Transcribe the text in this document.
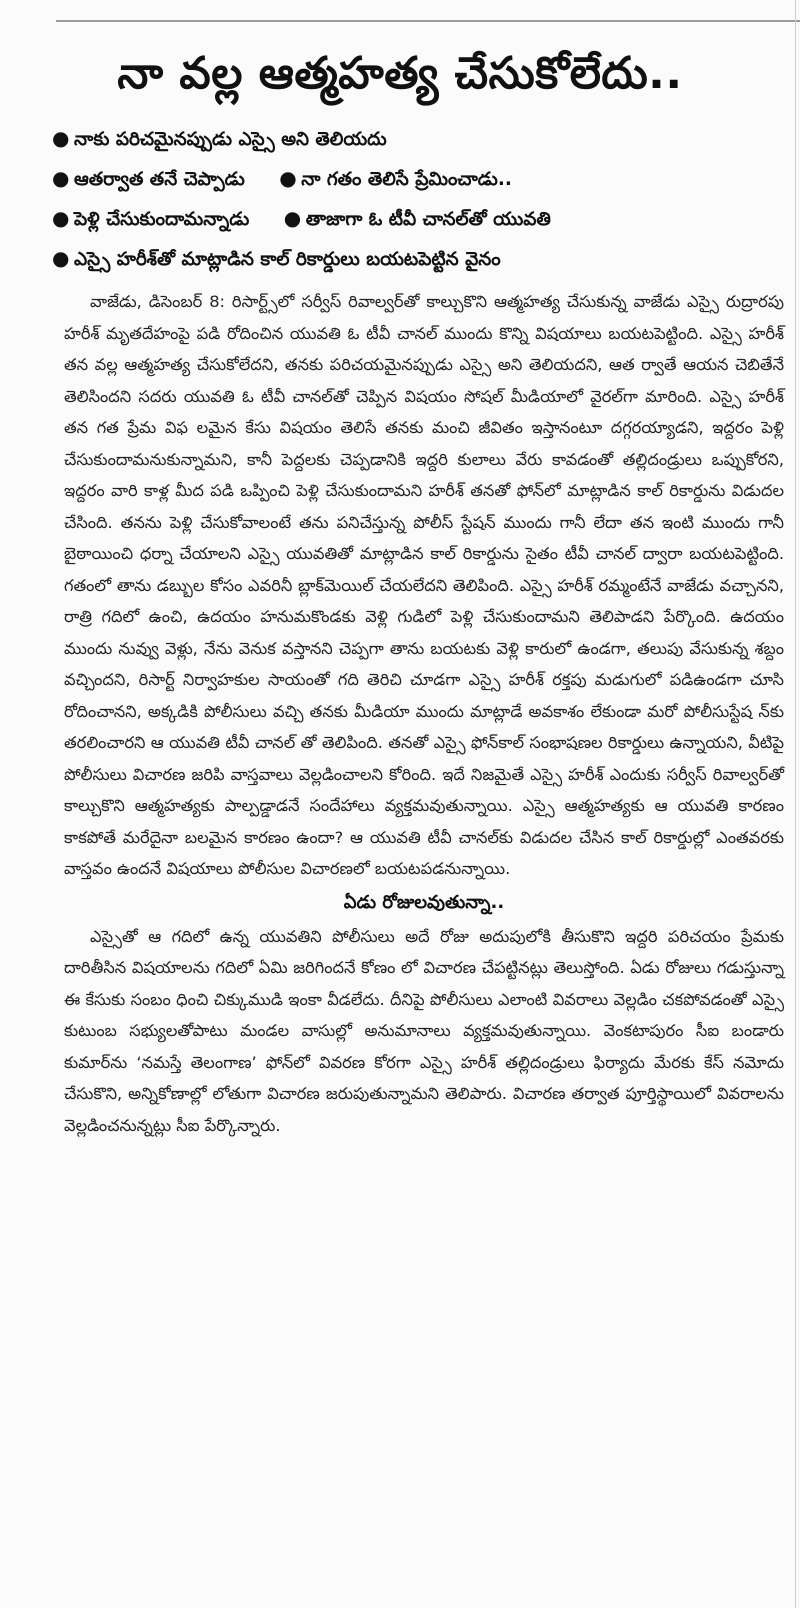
నా వల్ల ఆత్మహత్య చేసుకోలేదు..
● నాకు పరిచమైనప్పుడు ఎస్సై అని తెలియదు
● ఆతర్వాత తనే చెప్పాడు ● నా గతం తెలిసే ప్రేమించాడు..
● పెళ్లి చేసుకుందామన్నాడు ● తాజాగా ఓ టీవీ చానల్‌తో యువతి
● ఎస్సై హరీశ్‌తో మాట్లాడిన కాల్ రికార్డులు బయటపెట్టిన వైనం

వాజేడు, డిసెంబర్ 8: రిసార్ట్స్‌లో సర్వీస్ రివాల్వర్‌తో కాల్చుకొని ఆత్మహత్య చేసుకున్న వాజేడు ఎస్సై రుద్రారపు హరీశ్ మృతదేహంపై పడి రోదించిన యువతి ఓ టీవీ చానల్ ముందు కొన్ని విషయాలు బయటపెట్టింది. ఎస్సై హరీశ్ తన వల్ల ఆత్మహత్య చేసుకోలేదని, తనకు పరిచయమైనప్పుడు ఎస్సై అని తెలియదని, ఆత ర్వాతే ఆయన చెబితేనే తెలిసిందని సదరు యువతి ఓ టీవీ చానల్‌తో చెప్పిన విషయం సోషల్ మీడియాలో వైరల్‌గా మారింది. ఎస్సై హరీశ్ తన గత ప్రేమ విఫ లమైన కేసు విషయం తెలిసే తనకు మంచి జీవితం ఇస్తానంటూ దగ్గరయ్యాడని, ఇద్దరం పెళ్లి చేసుకుందామనుకున్నామని, కానీ పెద్దలకు చెప్పడానికి ఇద్దరి కులాలు వేరు కావడంతో తల్లిదండ్రులు ఒప్పుకోరని, ఇద్దరం వారి కాళ్ల మీద పడి ఒప్పించి పెళ్లి చేసుకుందామని హరీశ్ తనతో ఫోన్‌లో మాట్లాడిన కాల్ రికార్డును విడుదల చేసింది. తనను పెళ్లి చేసుకోవాలంటే తను పనిచేస్తున్న పోలీస్ స్టేషన్ ముందు గానీ లేదా తన ఇంటి ముందు గానీ బైఠాయించి ధర్నా చేయాలని ఎస్సై యువతితో మాట్లాడిన కాల్ రికార్డును సైతం టీవీ చానల్ ద్వారా బయటపెట్టింది. గతంలో తాను డబ్బుల కోసం ఎవరినీ బ్లాక్‌మెయిల్ చేయలేదని తెలిపింది. ఎస్సై హరీశ్ రమ్మంటేనే వాజేడు వచ్చానని, రాత్రి గదిలో ఉంచి, ఉదయం హనుమకొండకు వెళ్లి గుడిలో పెళ్లి చేసుకుందామని తెలిపాడని పేర్కొంది. ఉదయం ముందు నువ్వు వెళ్లు, నేను వెనుక వస్తానని చెప్పగా తాను బయటకు వెళ్లి కారులో ఉండగా, తలుపు వేసుకున్న శబ్దం వచ్చిందని, రిసార్ట్ నిర్వాహకుల సాయంతో గది తెరిచి చూడగా ఎస్సై హరీశ్ రక్తపు మడుగులో పడిఉండగా చూసి రోదించానని, అక్కడికి పోలీసులు వచ్చి తనకు మీడియా ముందు మాట్లాడే అవకాశం లేకుండా మరో పోలీసుస్టేష న్‌కు తరలించారని ఆ యువతి టీవీ చానల్ తో తెలిపింది. తనతో ఎస్సై ఫోన్‌కాల్ సంభాషణల రికార్డులు ఉన్నాయని, వీటిపై పోలీసులు విచారణ జరిపి వాస్తవాలు వెల్లడించాలని కోరింది. ఇదే నిజమైతే ఎస్సై హరీశ్ ఎందుకు సర్వీస్ రివాల్వర్‌తో కాల్చుకొని ఆత్మహత్యకు పాల్పడ్డాడనే సందేహాలు వ్యక్తమవుతున్నాయి. ఎస్సై ఆత్మహత్యకు ఆ యువతి కారణం కాకపోతే మరేదైనా బలమైన కారణం ఉందా? ఆ యువతి టీవీ చానల్‌కు విడుదల చేసిన కాల్ రికార్డుల్లో ఎంతవరకు వాస్తవం ఉందనే విషయాలు పోలీసుల విచారణలో బయటపడనున్నాయి.

ఏడు రోజులవుతున్నా..

ఎస్సైతో ఆ గదిలో ఉన్న యువతిని పోలీసులు అదే రోజు అదుపులోకి తీసుకొని ఇద్దరి పరిచయం ప్రేమకు దారితీసిన విషయాలను గదిలో ఏమి జరిగిందనే కోణం లో విచారణ చేపట్టినట్లు తెలుస్తోంది. ఏడు రోజులు గడుస్తున్నా ఈ కేసుకు సంబం ధించి చిక్కుముడి ఇంకా వీడలేదు. దీనిపై పోలీసులు ఎలాంటి వివరాలు వెల్లడిం చకపోవడంతో ఎస్సై కుటుంబ సభ్యులతోపాటు మండల వాసుల్లో అనుమానాలు వ్యక్తమవుతున్నాయి. వెంకటాపురం సీఐ బండారు కుమార్‌ను ‘నమస్తే తెలంగాణ’ ఫోన్‌లో వివరణ కోరగా ఎస్సై హరీశ్ తల్లిదండ్రులు ఫిర్యాదు మేరకు కేస్ నమోదు చేసుకొని, అన్నికోణాల్లో లోతుగా విచారణ జరుపుతున్నామని తెలిపారు. విచారణ తర్వాత పూర్తిస్థాయిలో వివరాలను వెల్లడించనున్నట్లు సీఐ పేర్కొన్నారు.
